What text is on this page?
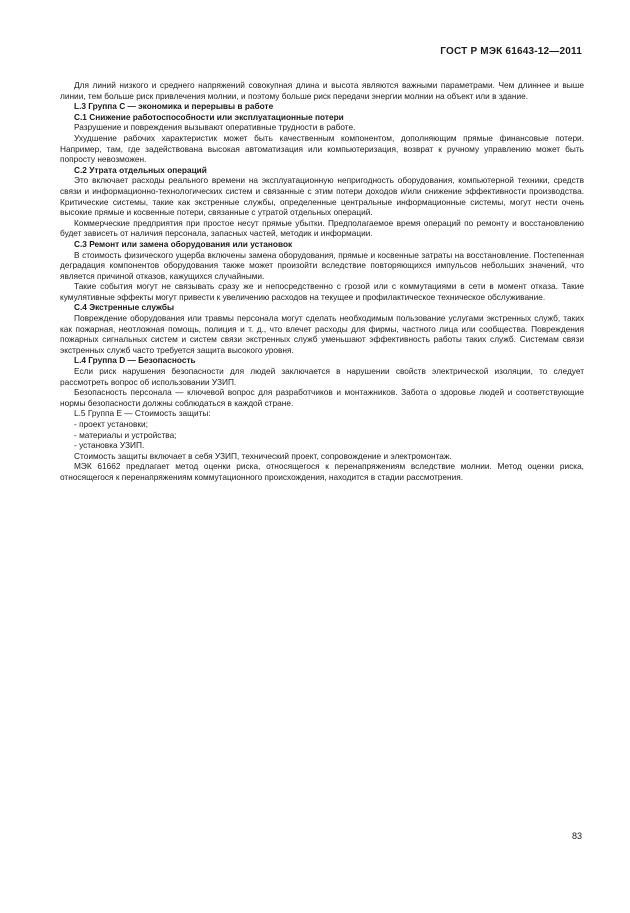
ГОСТ Р МЭК 61643-12—2011

Для линий низкого и среднего напряжений совокупная длина и высота являются важными параметрами. Чем длиннее и выше линии, тем больше риск привлечения молнии, и поэтому больше риск передачи энергии молнии на объект или в здание.

L.3 Группа С — экономика и перерывы в работе

С.1 Снижение работоспособности или эксплуатационные потери

Разрушение и повреждения вызывают оперативные трудности в работе.

Ухудшение рабочих характеристик может быть качественным компонентом, дополняющим прямые финансовые потери. Например, там, где задействована высокая автоматизация или компьютеризация, возврат к ручному управлению может быть попросту невозможен.

С.2 Утрата отдельных операций

Это включает расходы реального времени на эксплуатационную непригодность оборудования, компьютерной техники, средств связи и информационно-технологических систем и связанные с этим потери доходов и/или снижение эффективности производства. Критические системы, такие как экстренные службы, определенные центральные информационные системы, могут нести очень высокие прямые и косвенные потери, связанные с утратой отдельных операций.

Коммерческие предприятия при простое несут прямые убытки. Предполагаемое время операций по ремонту и восстановлению будет зависеть от наличия персонала, запасных частей, методик и информации.

С.3 Ремонт или замена оборудования или установок

В стоимость физического ущерба включены замена оборудования, прямые и косвенные затраты на восстановление. Постепенная деградация компонентов оборудования также может произойти вследствие повторяющихся импульсов небольших значений, что является причиной отказов, кажущихся случайными.

Такие события могут не связывать сразу же и непосредственно с грозой или с коммутациями в сети в момент отказа. Такие кумулятивные эффекты могут привести к увеличению расходов на текущее и профилактическое техническое обслуживание.

С.4 Экстренные службы

Повреждение оборудования или травмы персонала могут сделать необходимым пользование услугами экстренных служб, таких как пожарная, неотложная помощь, полиция и т. д., что влечет расходы для фирмы, частного лица или сообщества. Повреждения пожарных сигнальных систем и систем связи экстренных служб уменьшают эффективность работы таких служб. Системам связи экстренных служб часто требуется защита высокого уровня.

L.4 Группа D — Безопасность

Если риск нарушения безопасности для людей заключается в нарушении свойств электрической изоляции, то следует рассмотреть вопрос об использовании УЗИП.

Безопасность персонала — ключевой вопрос для разработчиков и монтажников. Забота о здоровье людей и соответствующие нормы безопасности должны соблюдаться в каждой стране.

L.5 Группа Е — Стоимость защиты:

- проект установки;

- материалы и устройства;

- установка УЗИП.

Стоимость защиты включает в себя УЗИП, технический проект, сопровождение и электромонтаж.

МЭК 61662 предлагает метод оценки риска, относящегося к перенапряжениям вследствие молнии. Метод оценки риска, относящегося к перенапряжениям коммутационного происхождения, находится в стадии рассмотрения.

83
